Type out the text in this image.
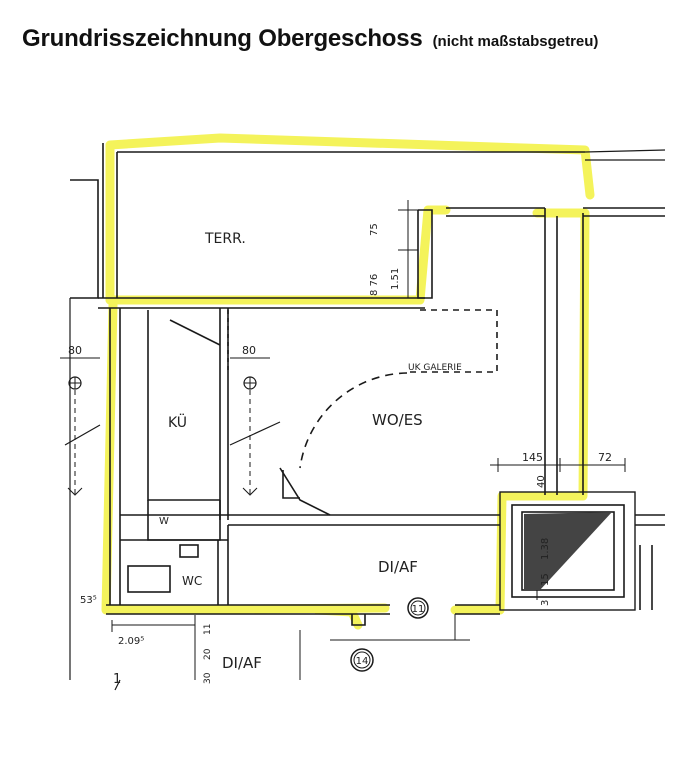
Grundrisszeichnung Obergeschoss (nicht maßstabsgetreu)
TERR.
KÜ	WO/ES
UK GALERIE
DI/AF
DI/AF
W
WC
1
75
8 76 1.51
80	80
145	72
40
1.38
15
3
53⁵
2.09⁵
11
20
30
11
14
